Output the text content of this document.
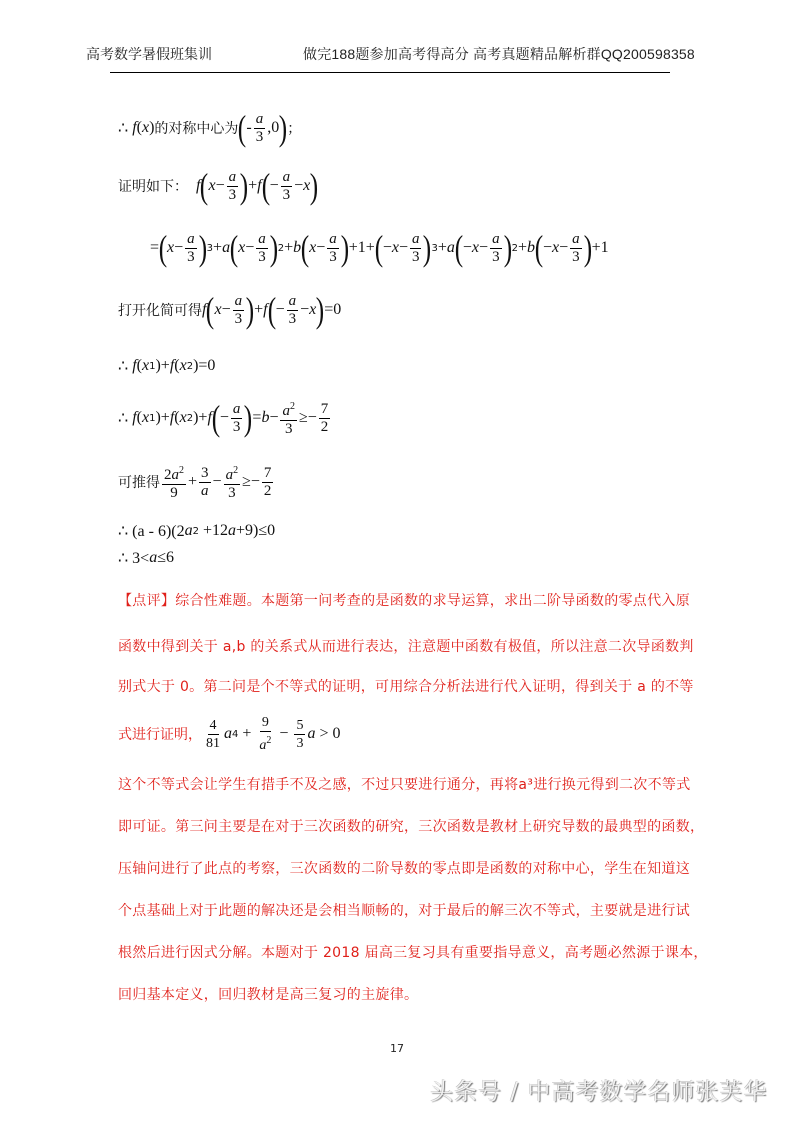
高考数学暑假班集训	做完188题参加高考得高分 高考真题精品解析群QQ200598358
∴ f ( x ) 的对称中心为 ( - $\frac{a}{3} ,0$ ) ；
证明如下： f ( $x - \frac{a}{3}$ ) + f ( − $\frac{a}{3} - x$ )
= ( $x - \frac{a}{3}$ ) 3 + a ( $x - \frac{a}{3}$ ) 2 + b ( $x - \frac{a}{3}$ ) +1+ ( − $x - \frac{a}{3}$ ) 3 + a ( − $x - \frac{a}{3}$ ) 2 + b ( − $x - \frac{a}{3}$ ) +1
打开化简可得 f ( $x - \frac{a}{3}$ ) + f ( − $\frac{a}{3} - x$ ) =0
∴ f ( x 1 )+ f ( x 2 )=0
∴ f ( x 1 )+ f ( x 2 )+ f ( − $\frac{a}{3}$ ) = $b - \frac{a^2}{3} \ge- \frac{7}{2}$
可推得 $\frac{2a^2}{9} + \frac{3}{a} - \frac{a^2}{3} \ge- \frac{7}{2}$
∴ (a - 6)(2 a 2 +12 a +9)≤0
∴ 3< a ≤6
【点评】综合性难题。本题第一问考查的是函数的求导运算，求出二阶导函数的零点代入原
函数中得到关于 a,b 的关系式从而进行表达，注意题中函数有极值，所以注意二次导函数判
别式大于 0。第二问是个不等式的证明，可用综合分析法进行代入证明，得到关于 a 的不等
式进行证明， $\frac{4}{81}$ a $4 + \frac{9}{a^2} - \frac{5}{3}$ a > 0
这个不等式会让学生有措手不及之感，不过只要进行通分，再将a³进行换元得到二次不等式
即可证。第三问主要是在对于三次函数的研究，三次函数是教材上研究导数的最典型的函数，
压轴问进行了此点的考察，三次函数的二阶导数的零点即是函数的对称中心，学生在知道这
个点基础上对于此题的解决还是会相当顺畅的，对于最后的解三次不等式，主要就是进行试
根然后进行因式分解。本题对于 2018 届高三复习具有重要指导意义，高考题必然源于课本，
回归基本定义，回归教材是高三复习的主旋律。
17
头条号 / 中高考数学名师张芙华
